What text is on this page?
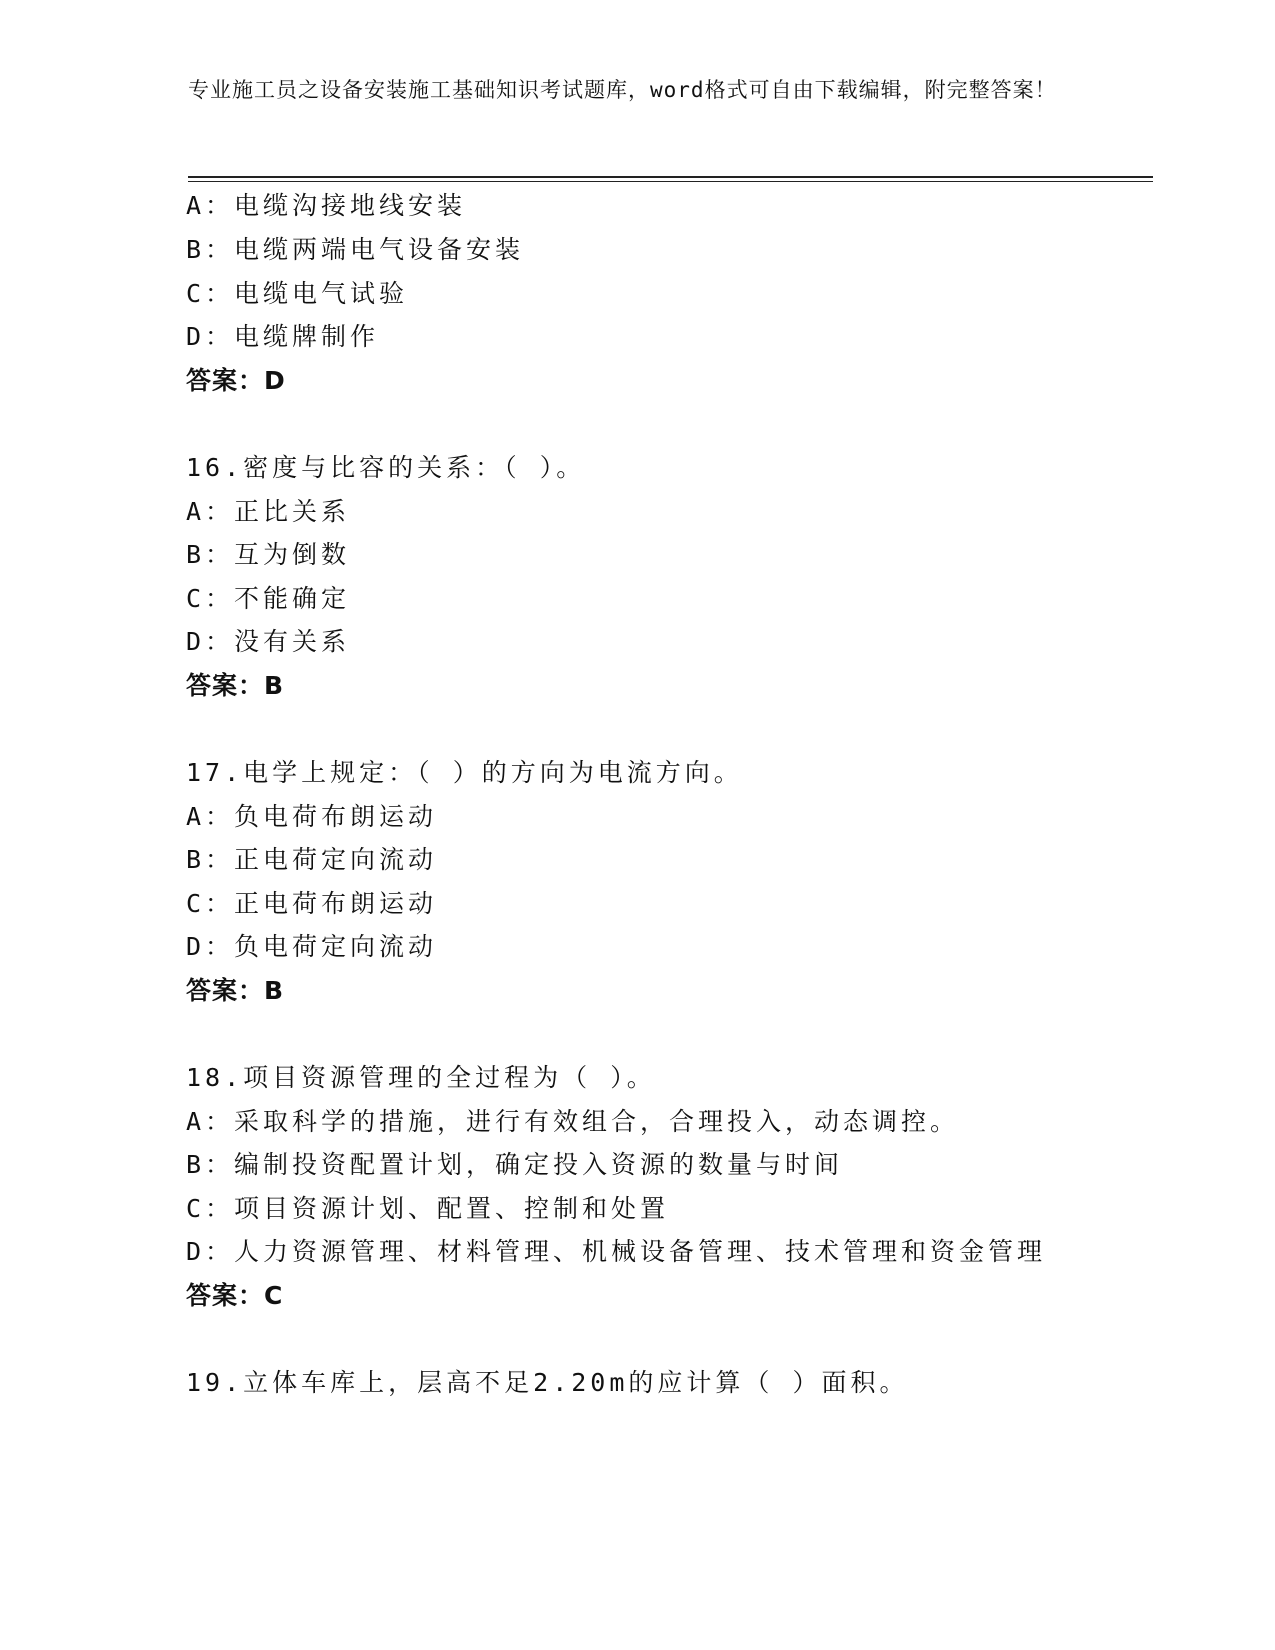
专业施工员之设备安装施工基础知识考试题库，word格式可自由下载编辑，附完整答案！
A：电缆沟接地线安装
B：电缆两端电气设备安装
C：电缆电气试验
D：电缆牌制作
答案：D
16.密度与比容的关系：（ ）。
A：正比关系
B：互为倒数
C：不能确定
D：没有关系
答案：B
17.电学上规定：（ ）的方向为电流方向。
A：负电荷布朗运动
B：正电荷定向流动
C：正电荷布朗运动
D：负电荷定向流动
答案：B
18.项目资源管理的全过程为（ ）。
A：采取科学的措施，进行有效组合，合理投入，动态调控。
B：编制投资配置计划，确定投入资源的数量与时间
C：项目资源计划、配置、控制和处置
D：人力资源管理、材料管理、机械设备管理、技术管理和资金管理
答案：C
19.立体车库上，层高不足2.20m的应计算（ ）面积。
